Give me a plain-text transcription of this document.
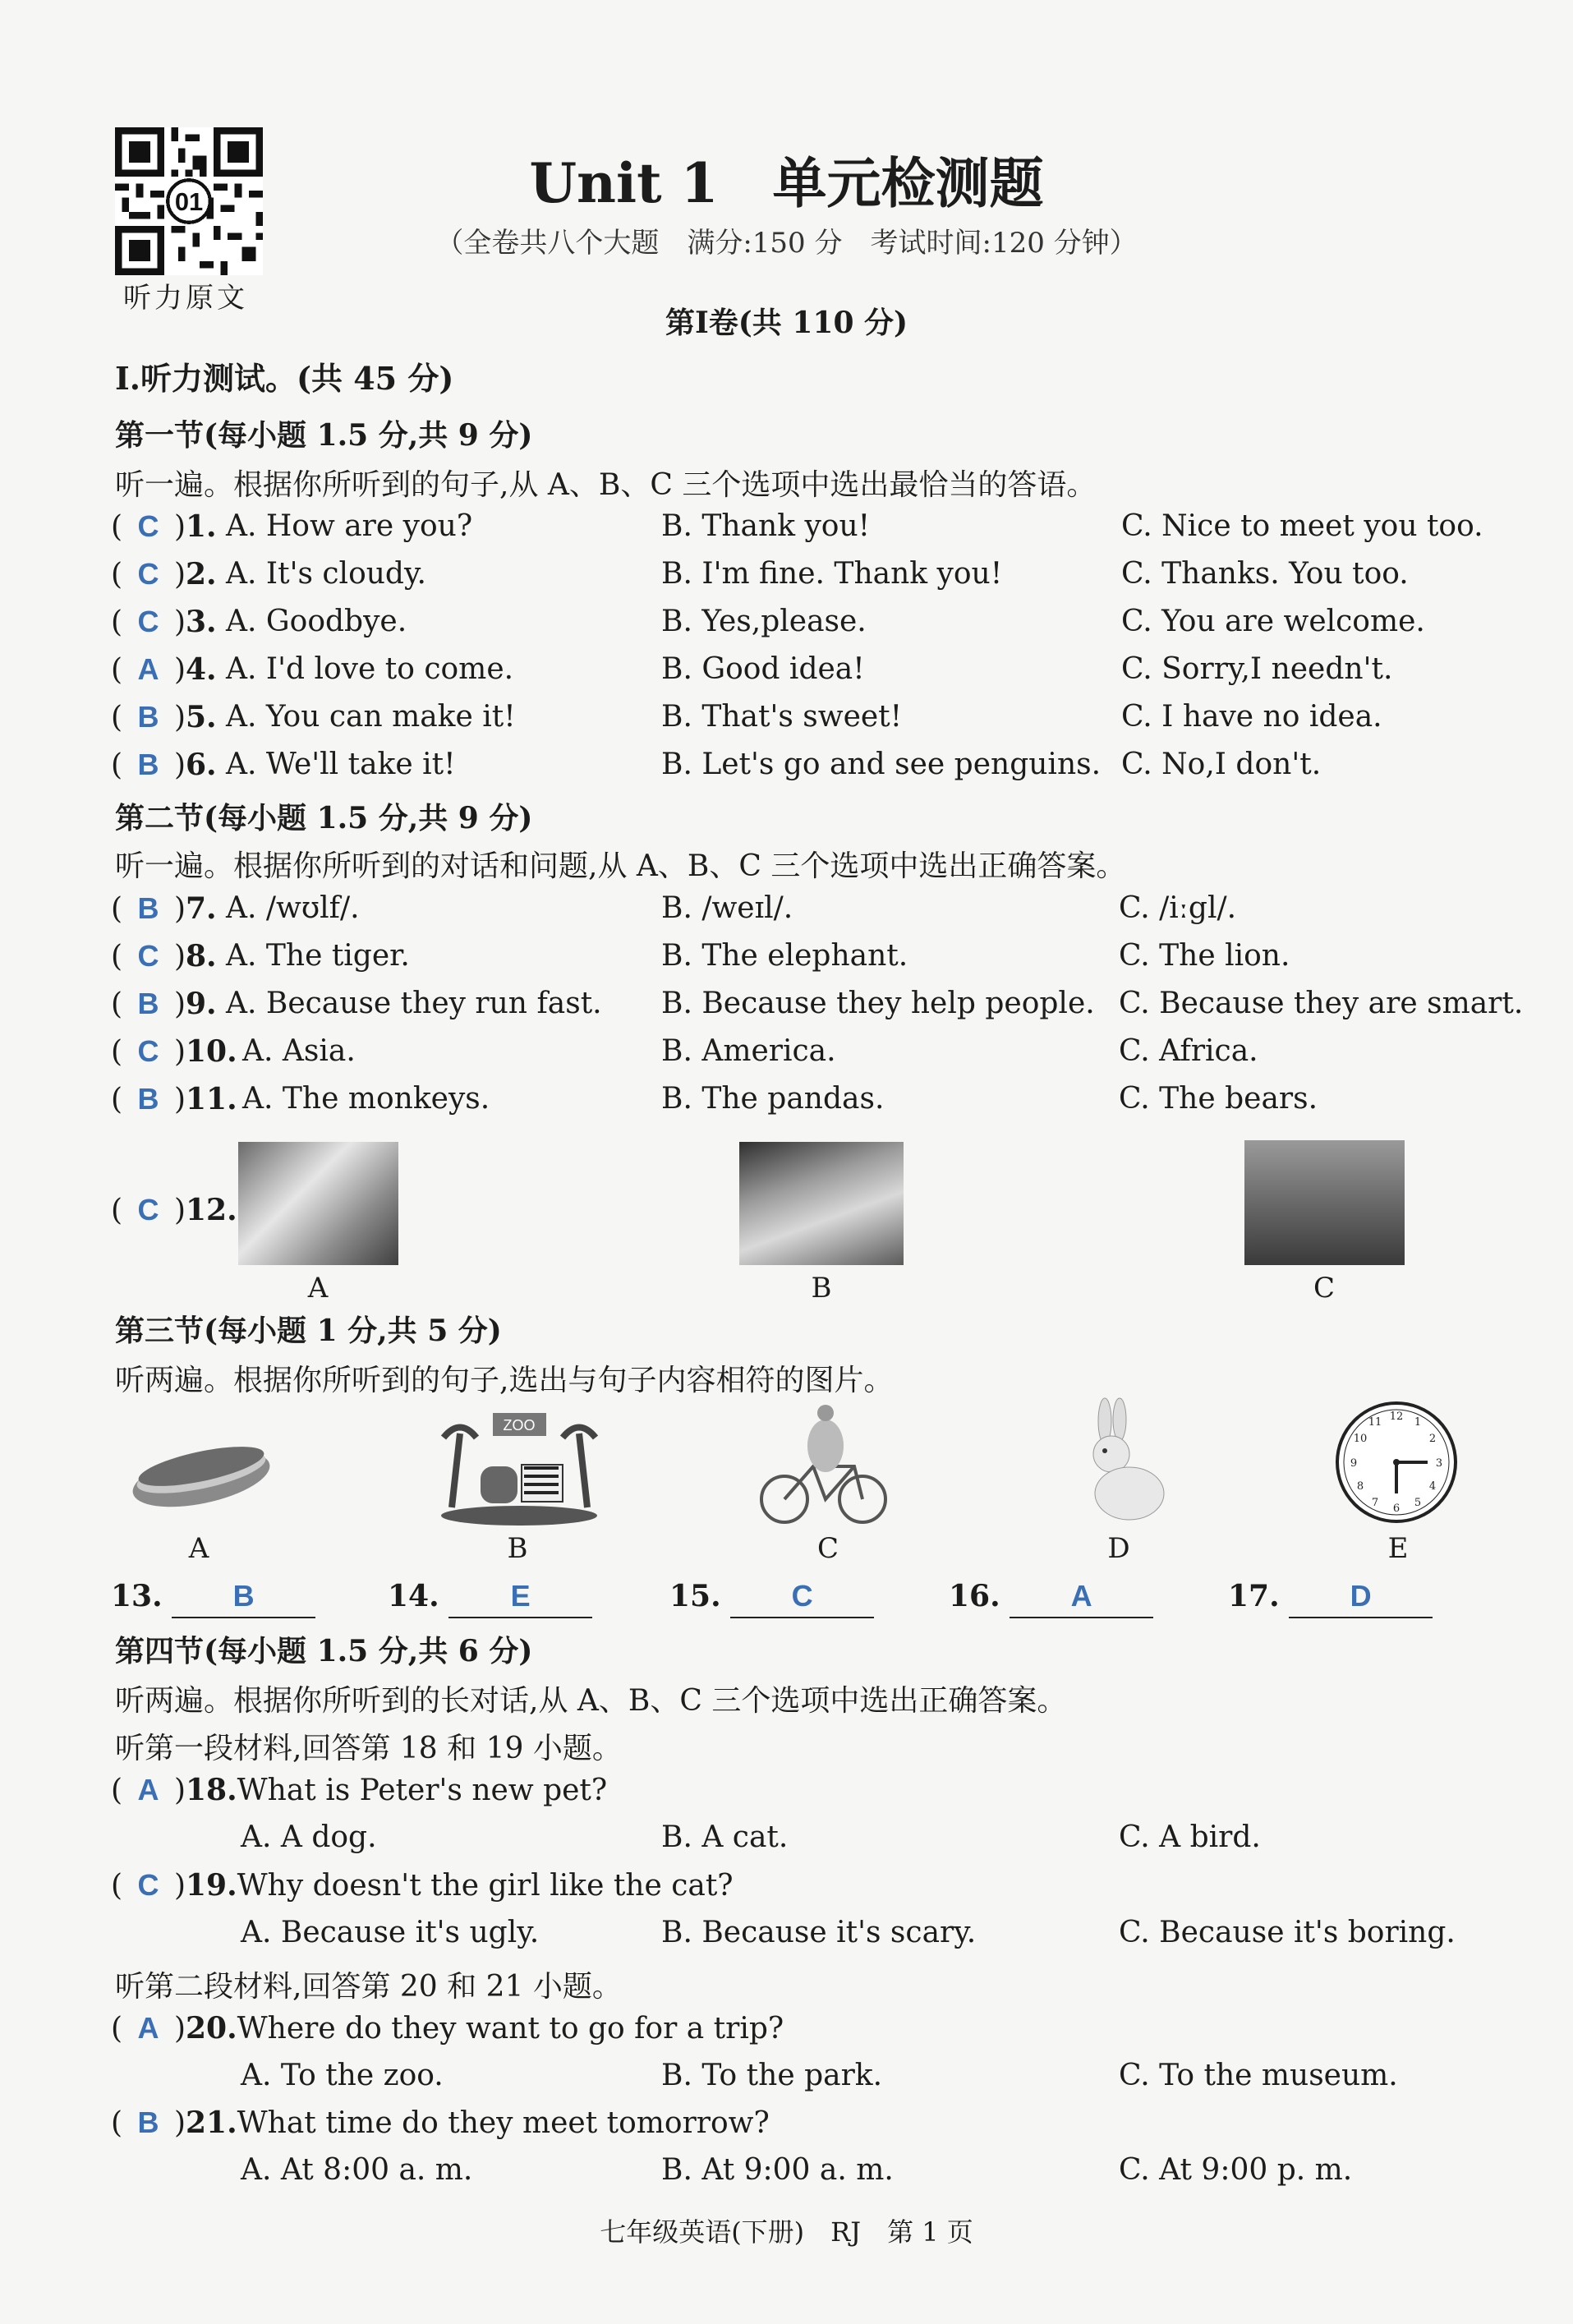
01
听力原文
Unit 1　单元检测题
（全卷共八个大题　满分:150 分　考试时间:120 分钟）
第Ⅰ卷(共 110 分)
Ⅰ.听力测试。(共 45 分)
第一节(每小题 1.5 分,共 9 分)
听一遍。根据你所听到的句子,从 A、B、C 三个选项中选出最恰当的答语。
( C )1. A. How are you?	B. Thank you!	C. Nice to meet you too.
( C )2. A. It's cloudy.	B. I'm fine. Thank you!	C. Thanks. You too.
( C )3. A. Goodbye.	B. Yes,please.	C. You are welcome.
( A )4. A. I'd love to come.	B. Good idea!	C. Sorry,I needn't.
( B )5. A. You can make it!	B. That's sweet!	C. I have no idea.
( B )6. A. We'll take it!	B. Let's go and see penguins. C. No,I don't.
第二节(每小题 1.5 分,共 9 分)
听一遍。根据你所听到的对话和问题,从 A、B、C 三个选项中选出正确答案。
( B )7. A. /wʊlf/.	B. /weɪl/.	C. /iːgl/.
( C )8. A. The tiger.	B. The elephant.	C. The lion.
( B )9. A. Because they run fast. B. Because they help people. C. Because they are smart.
( C )10. A. Asia.	B. America.	C. Africa.
( B )11. A. The monkeys.	B. The pandas.	C. The bears.
( C )12.
A	B	C
第三节(每小题 1 分,共 5 分)
听两遍。根据你所听到的句子,选出与句子内容相符的图片。
ZOO
12 1
2
3
4
5
6
7
8
9
10
11
A	B	C	D	E
13. B	14. E	15. C	16. A	17. D
第四节(每小题 1.5 分,共 6 分)
听两遍。根据你所听到的长对话,从 A、B、C 三个选项中选出正确答案。
听第一段材料,回答第 18 和 19 小题。
( A )18.What is Peter's new pet?
A. A dog.	B. A cat.	C. A bird.
( C )19.Why doesn't the girl like the cat?
A. Because it's ugly.	B. Because it's scary.	C. Because it's boring.
( A )20.Where do they want to go for a trip?
A. To the zoo.	B. To the park.	C. To the museum.
( B )21.What time do they meet tomorrow?
A. At 8:00 a. m.	B. At 9:00 a. m.	C. At 9:00 p. m.
听第二段材料,回答第 20 和 21 小题。
七年级英语(下册)　RJ　第 1 页
